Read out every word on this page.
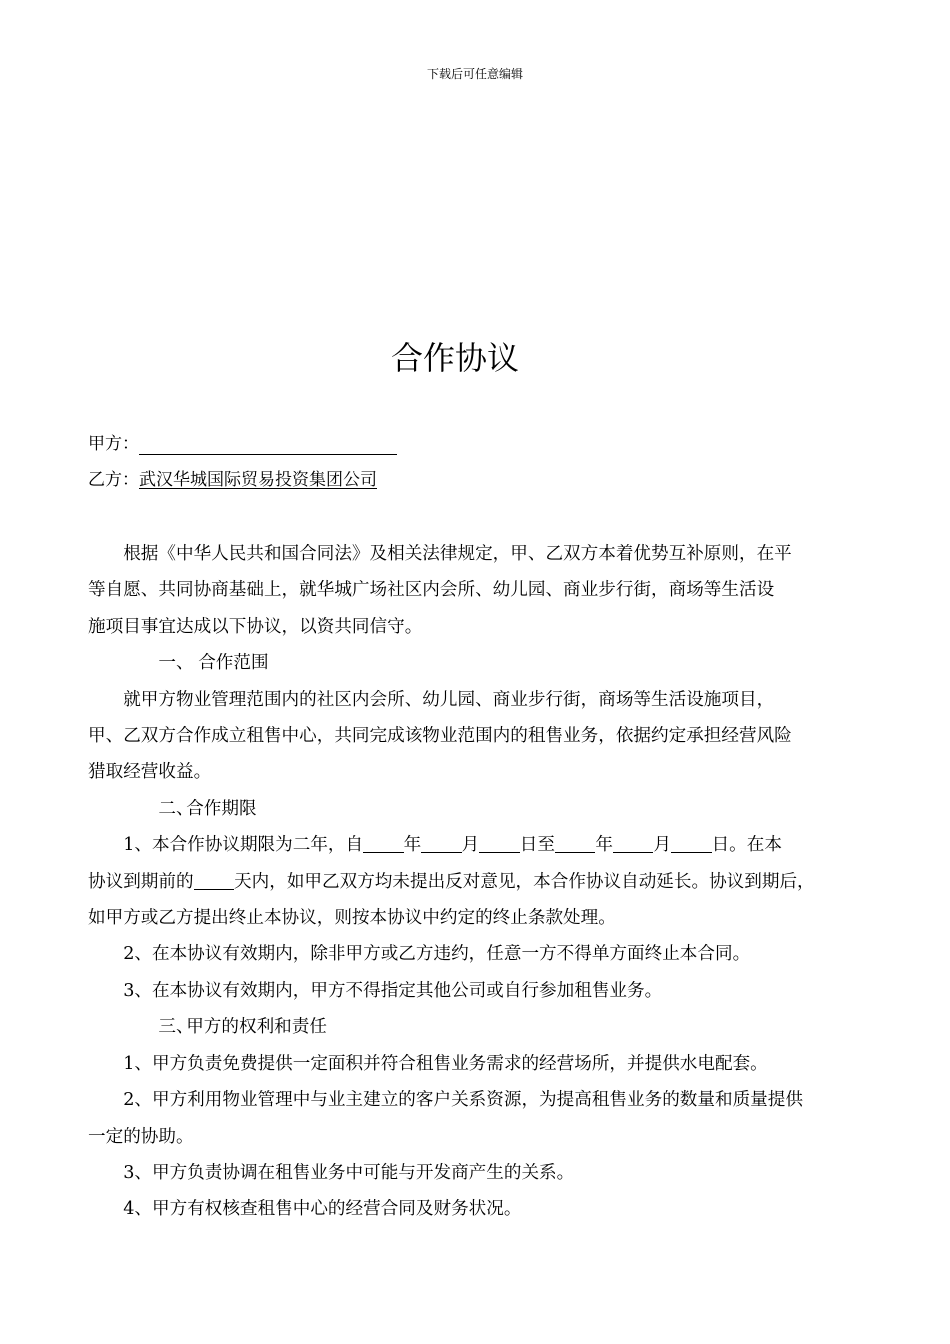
下载后可任意编辑
合作协议
甲方：
乙方：武汉华城国际贸易投资集团公司

根据《中华人民共和国合同法》及相关法律规定，甲、乙双方本着优势互补原则，在平

等自愿、共同协商基础上，就华城广场社区内会所、幼儿园、商业步行街，商场等生活设

施项目事宜达成以下协议，以资共同信守。

一、 合作范围

就甲方物业管理范围内的社区内会所、幼儿园、商业步行街，商场等生活设施项目，

甲、乙双方合作成立租售中心，共同完成该物业范围内的租售业务，依据约定承担经营风险

猎取经营收益。

二、合作期限

1、本合作协议期限为二年，自 年 月 日至 年 月 日。在本

协议到期前的 天内，如甲乙双方均未提出反对意见，本合作协议自动延长。协议到期后，

如甲方或乙方提出终止本协议，则按本协议中约定的终止条款处理。

2、在本协议有效期内，除非甲方或乙方违约，任意一方不得单方面终止本合同。

3、在本协议有效期内，甲方不得指定其他公司或自行参加租售业务。

三、甲方的权利和责任

1、甲方负责免费提供一定面积并符合租售业务需求的经营场所，并提供水电配套。

2、甲方利用物业管理中与业主建立的客户关系资源，为提高租售业务的数量和质量提供

一定的协助。

3、甲方负责协调在租售业务中可能与开发商产生的关系。

4、甲方有权核查租售中心的经营合同及财务状况。
